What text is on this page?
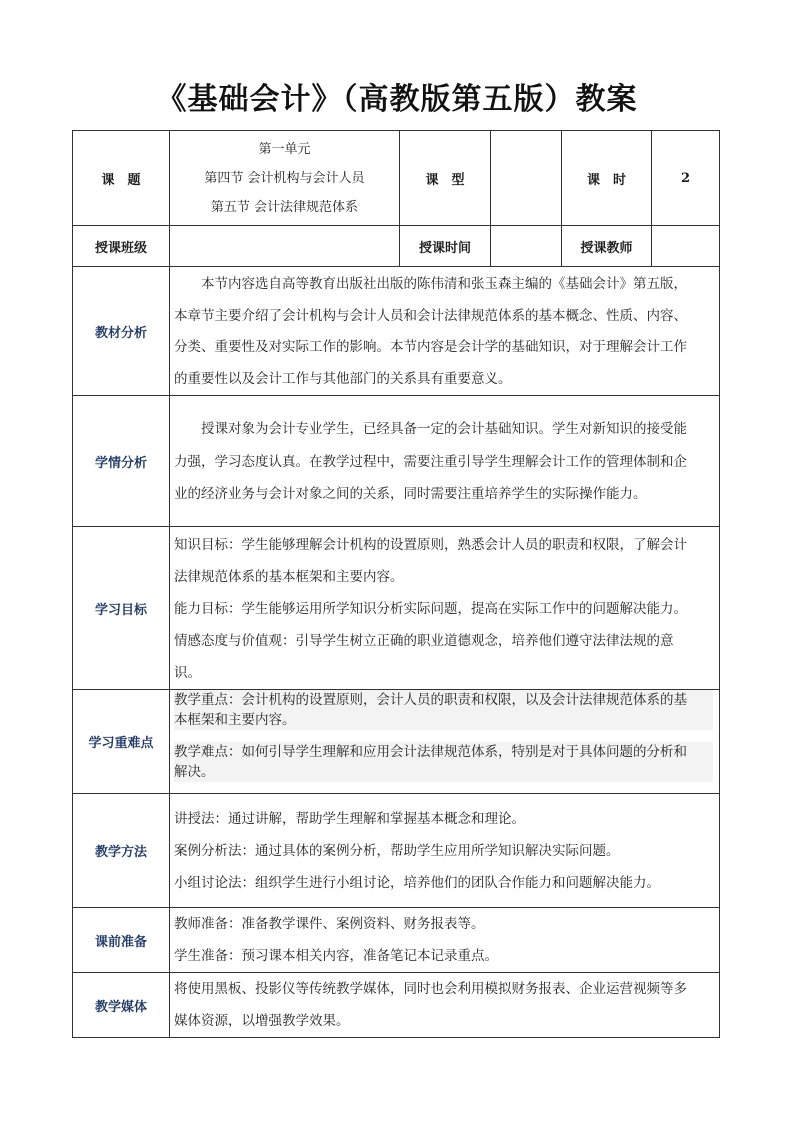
《基础会计》（高教版第五版）教案
课　题	第一单元
第四节 会计机构与会计人员
第五节 会计法律规范体系	课　型		课　时	2
授课班级		授课时间		授课教师	
教材分析	本节内容选自高等教育出版社出版的陈伟清和张玉森主编的《基础会计》第五版，

本章节主要介绍了会计机构与会计人员和会计法律规范体系的基本概念、性质、内容、

分类、重要性及对实际工作的影响。本节内容是会计学的基础知识，对于理解会计工作

的重要性以及会计工作与其他部门的关系具有重要意义。				

学情分析	授课对象为会计专业学生，已经具备一定的会计基础知识。学生对新知识的接受能

力强，学习态度认真。在教学过程中，需要注重引导学生理解会计工作的管理体制和企

业的经济业务与会计对象之间的关系，同时需要注重培养学生的实际操作能力。				

学习目标	知识目标：学生能够理解会计机构的设置原则，熟悉会计人员的职责和权限，了解会计

法律规范体系的基本框架和主要内容。

能力目标：学生能够运用所学知识分析实际问题，提高在实际工作中的问题解决能力。

情感态度与价值观：引导学生树立正确的职业道德观念，培养他们遵守法律法规的意

识。				

学习重难点	教学重点：会计机构的设置原则，会计人员的职责和权限，以及会计法律规范体系的基

本框架和主要内容。

教学难点：如何引导学生理解和应用会计法律规范体系，特别是对于具体问题的分析和

解决。				

教学方法	讲授法：通过讲解，帮助学生理解和掌握基本概念和理论。

案例分析法：通过具体的案例分析，帮助学生应用所学知识解决实际问题。

小组讨论法：组织学生进行小组讨论，培养他们的团队合作能力和问题解决能力。				

课前准备	教师准备：准备教学课件、案例资料、财务报表等。

学生准备：预习课本相关内容，准备笔记本记录重点。				

教学媒体	将使用黑板、投影仪等传统教学媒体，同时也会利用模拟财务报表、企业运营视频等多

媒体资源，以增强教学效果。				
